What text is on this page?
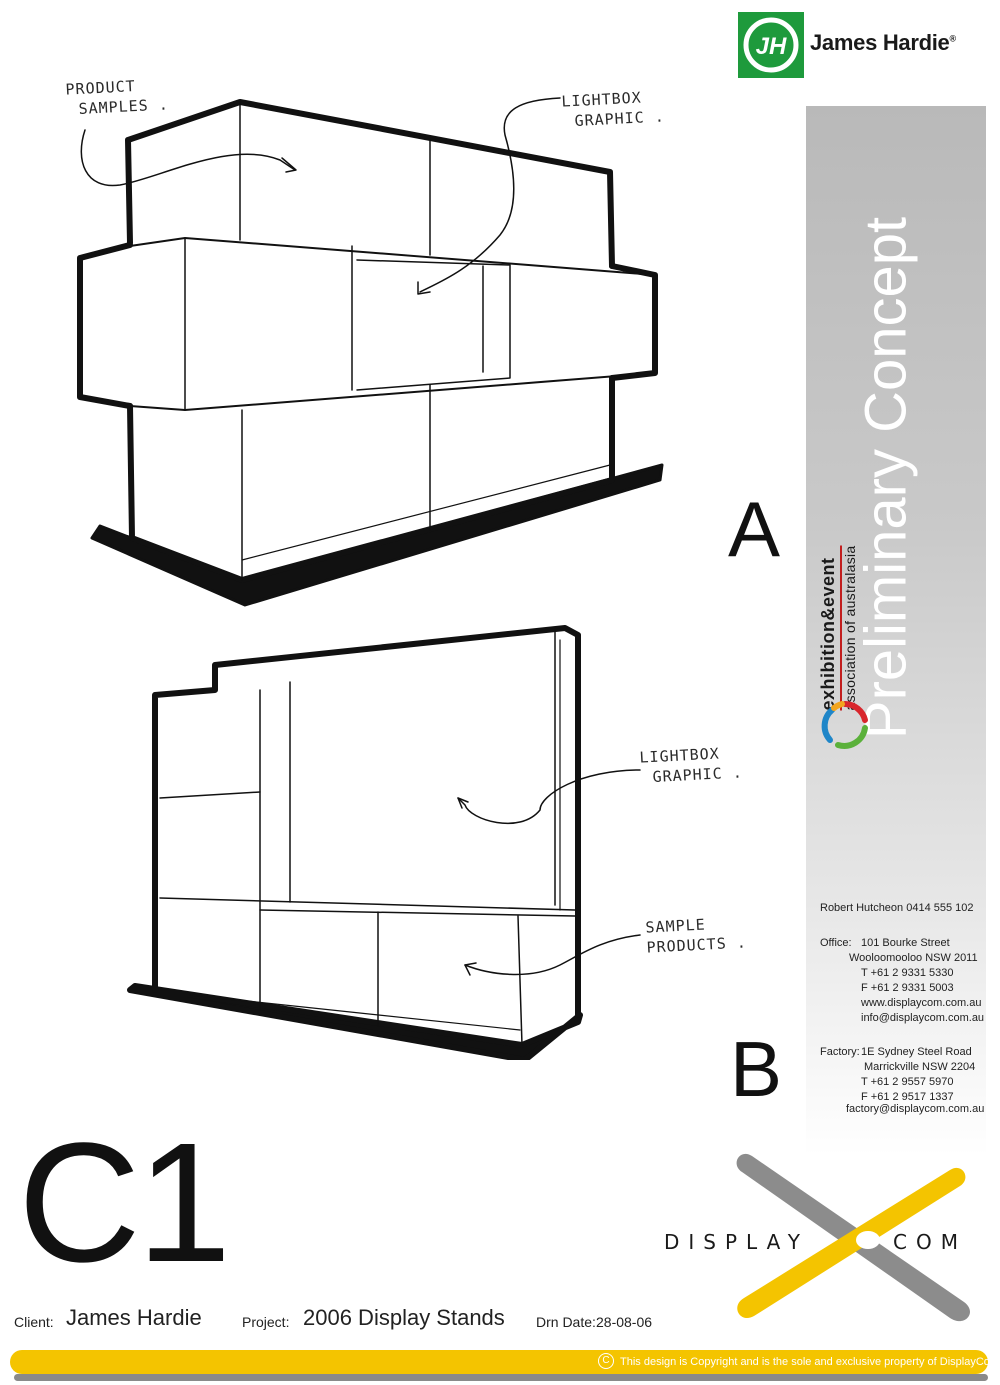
JH James Hardie®
Preliminary Concept
exhibition&event association of australasia
PRODUCT
SAMPLES .	LIGHTBOX
GRAPHIC .
LIGHTBOX
GRAPHIC .
SAMPLE
PRODUCTS .
A
B
Robert Hutcheon 0414 555 102
Office: 101 Bourke Street
Wooloomooloo NSW 2011
T +61 2 9331 5330
F +61 2 9331 5003
www.displaycom.com.au
info@displaycom.com.au
Factory: 1E Sydney Steel Road
Marrickville NSW 2204
T +61 2 9557 5970
F +61 2 9517 1337
factory@displaycom.com.au
C1	DISPLAY	COM
Client: James Hardie	Project: 2006 Display Stands Drn Date: 28-08-06
C This design is Copyright and is the sole and exclusive property of DisplayCom
